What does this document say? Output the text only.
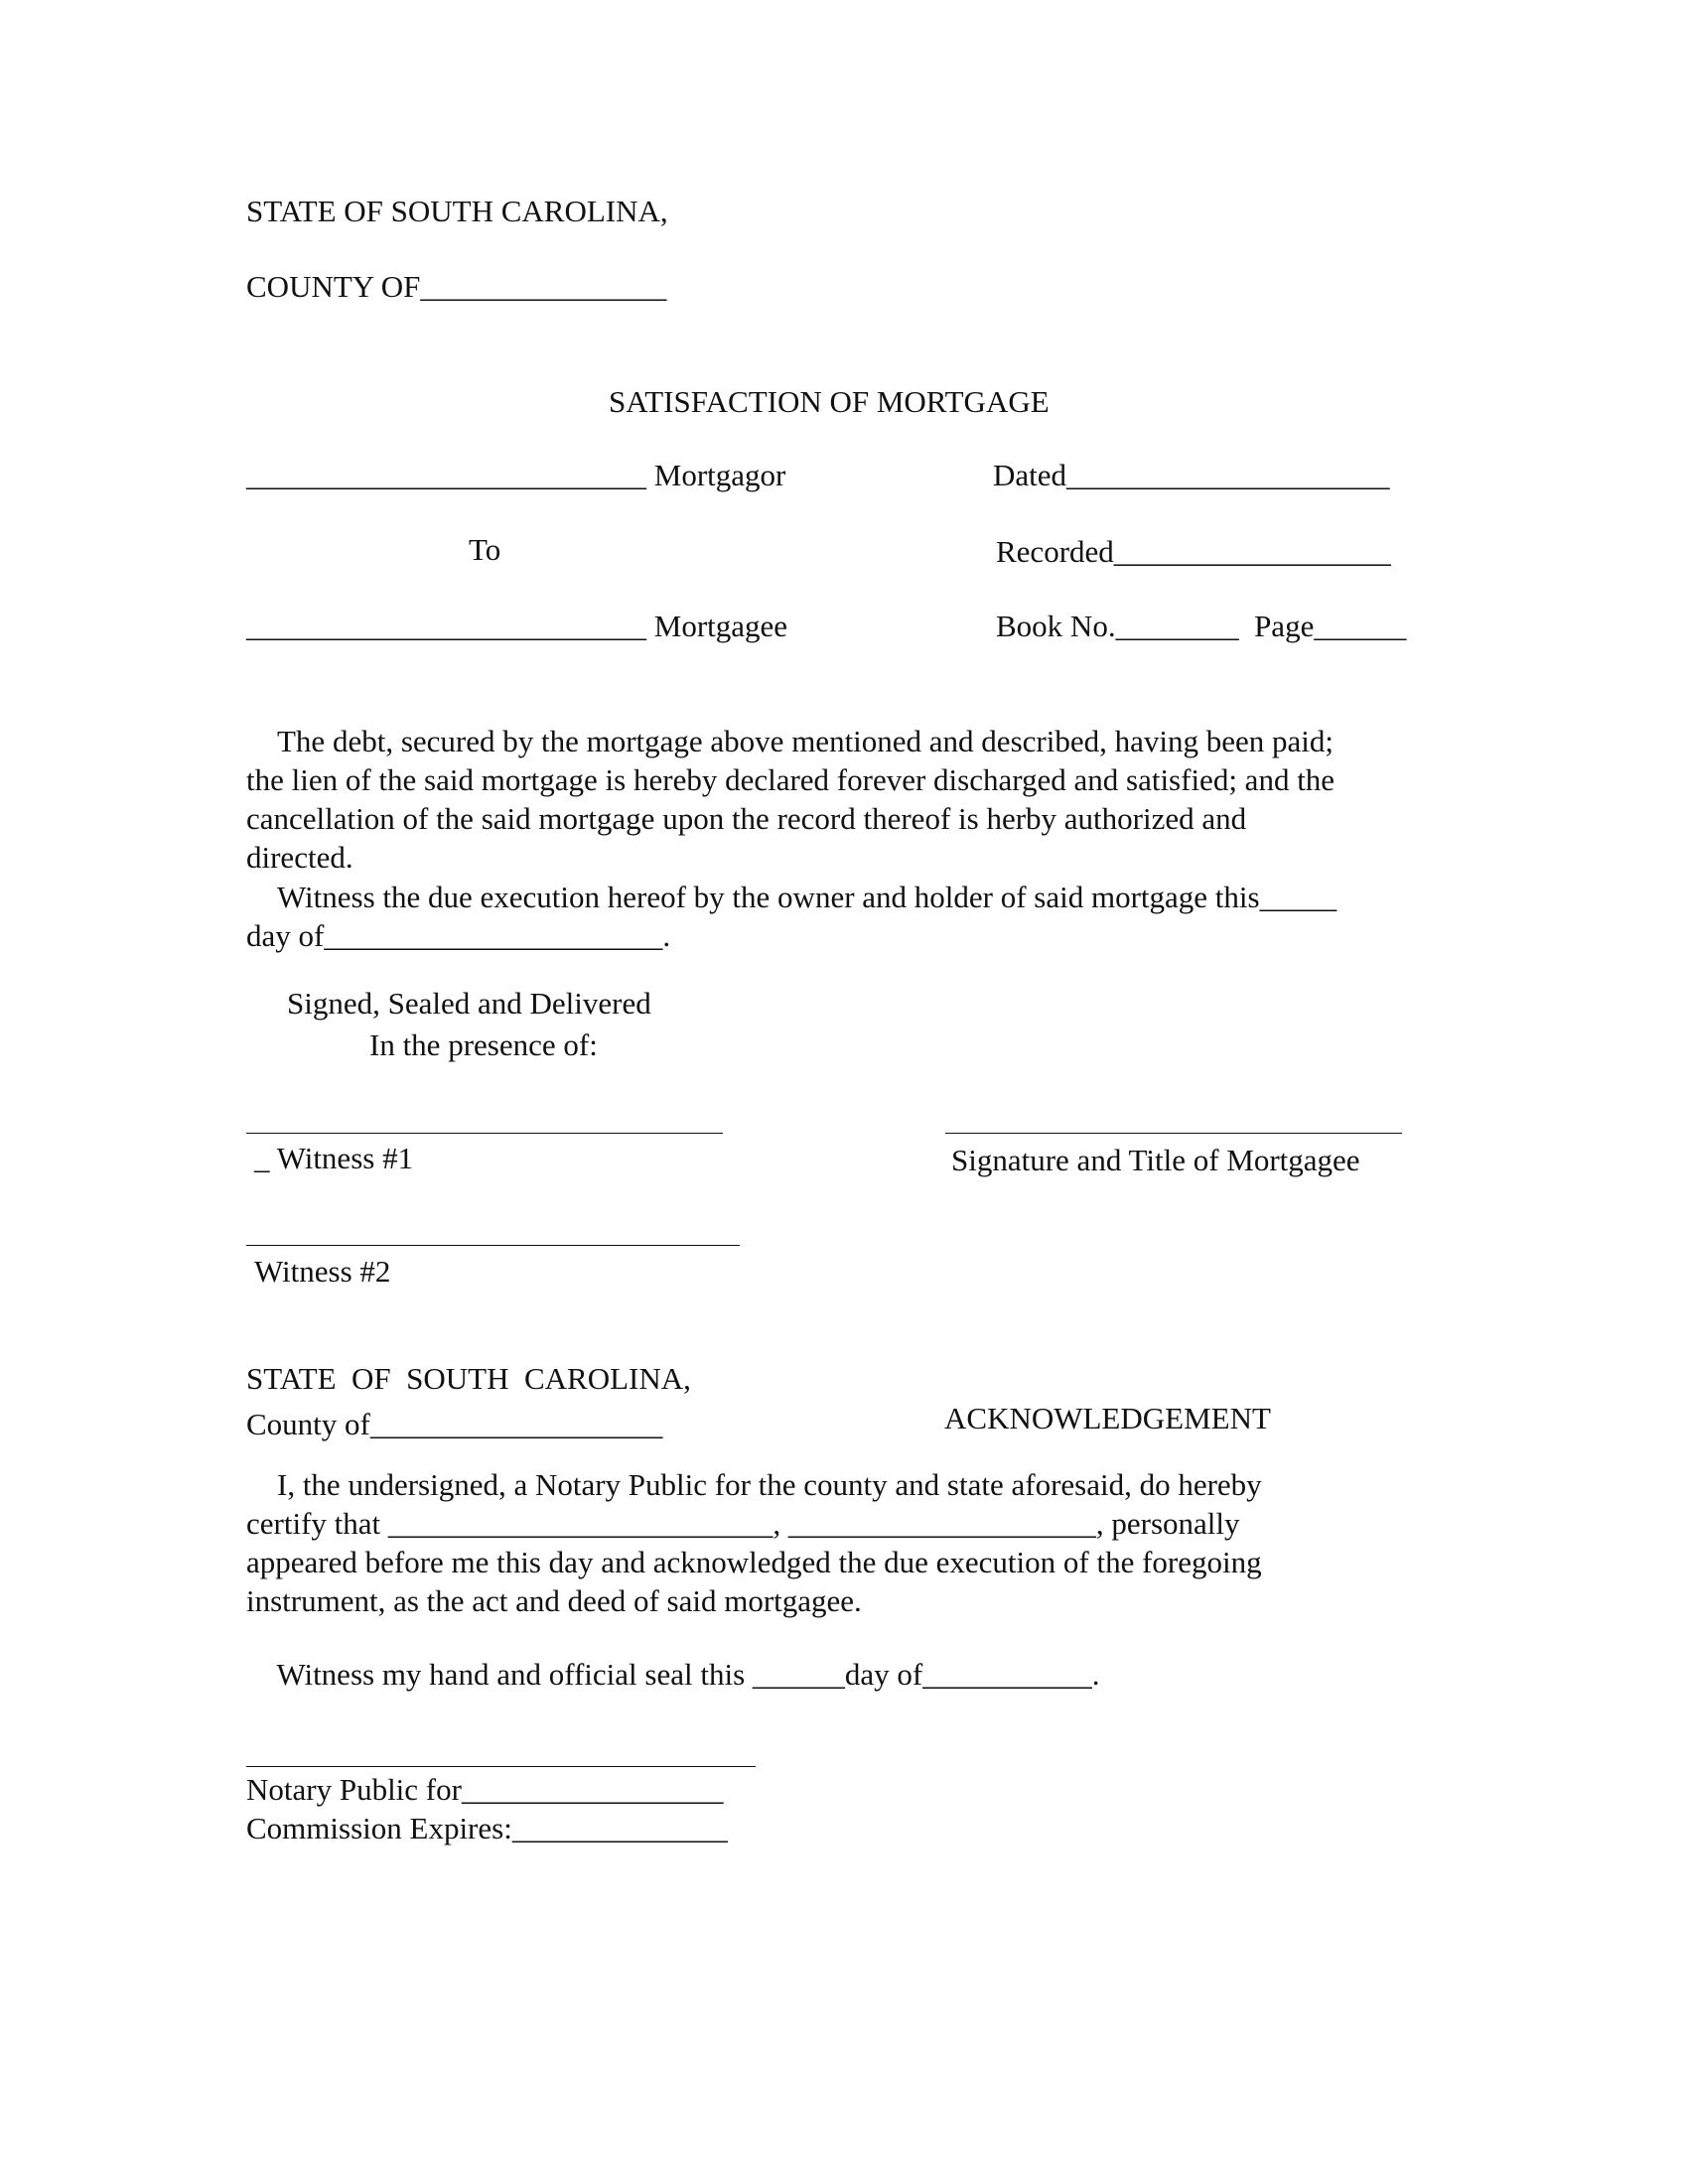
STATE OF SOUTH CAROLINA,
COUNTY OF________________
SATISFACTION OF MORTGAGE
__________________________ Mortgagor
To
__________________________ Mortgagee
Dated_____________________
Recorded__________________
Book No.________  Page______
The debt, secured by the mortgage above mentioned and described, having been paid;
the lien of the said mortgage is hereby declared forever discharged and satisfied; and the
cancellation of the said mortgage upon the record thereof is herby authorized and
directed.
Witness the due execution hereof by the owner and holder of said mortgage this_____
day of______________________.
Signed, Sealed and Delivered
In the presence of:
_ Witness #1	Signature and Title of Mortgagee
Witness #2
STATE  OF  SOUTH  CAROLINA,
County of___________________	ACKNOWLEDGEMENT
I, the undersigned, a Notary Public for the county and state aforesaid, do hereby
certify that _________________________, ____________________, personally
appeared before me this day and acknowledged the due execution of the foregoing
instrument, as the act and deed of said mortgagee.
Witness my hand and official seal this ______day of___________.
Notary Public for_________________
Commission Expires:______________
